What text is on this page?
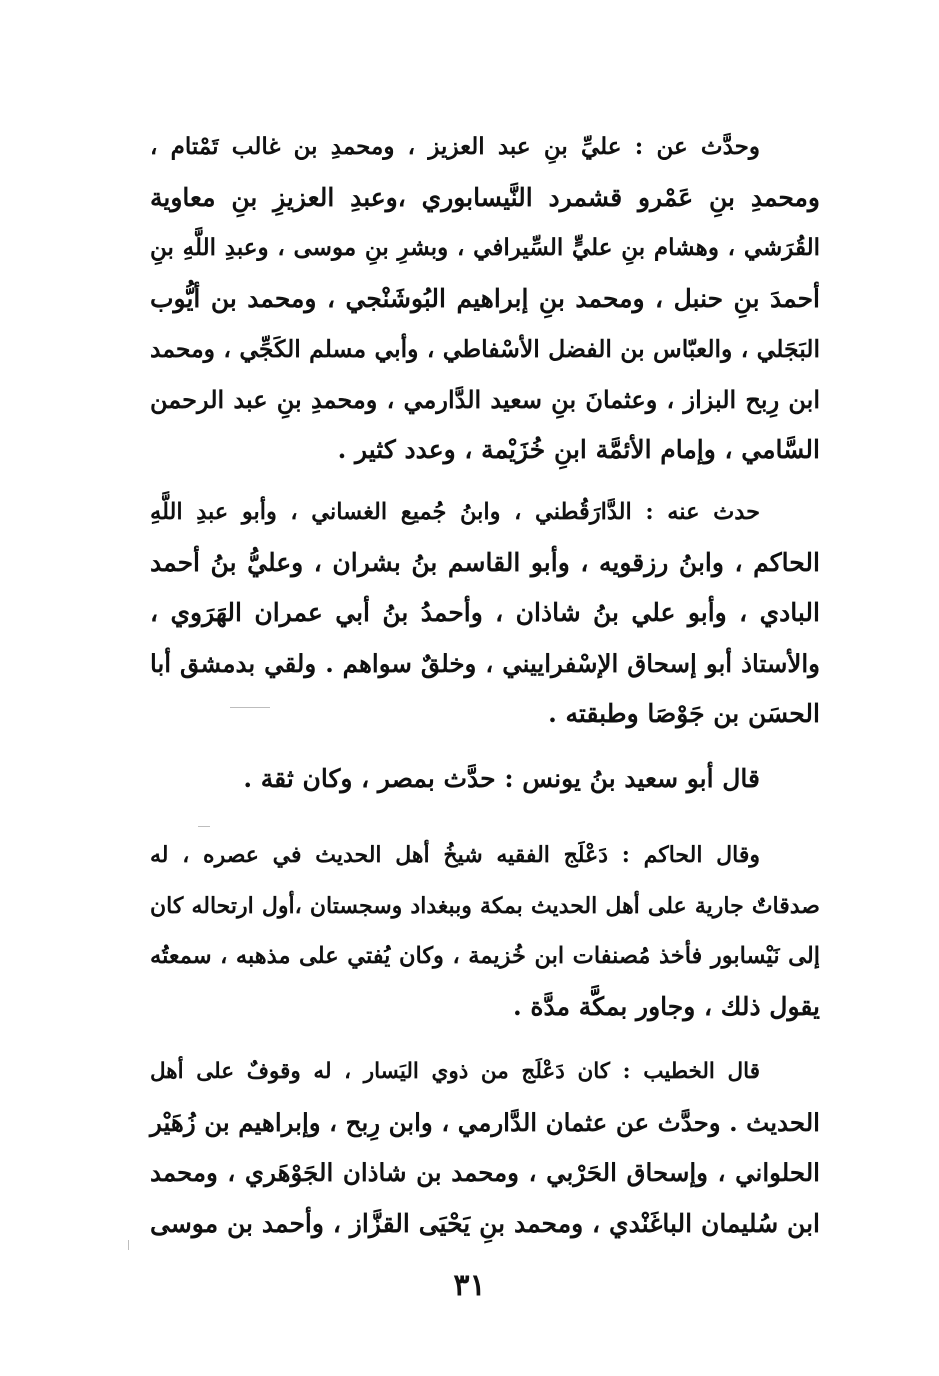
وحدَّث عن : عليِّ بنِ عبد العزيز ، ومحمدِ بن غالب تَمْتام ،
ومحمدِ بنِ عَمْرو قشمرد النَّيسابوري ،وعبدِ العزيزِ بنِ معاوية
القُرَشي ، وهشام بنِ عليٍّ السِّيرافي ، وبشرِ بنِ موسى ، وعبدِ اللَّهِ بنِ
أحمدَ بنِ حنبل ، ومحمد بنِ إبراهيم البُوشَنْجي ، ومحمد بن أيُّوب
البَجَلي ، والعبّاس بن الفضل الأسْفاطي ، وأبي مسلم الكَجِّي ، ومحمد
ابن رِبح البزاز ، وعثمانَ بنِ سعيد الدَّارمي ، ومحمدِ بنِ عبد الرحمن
السَّامي ، وإمام الأئمَّة ابنِ خُزَيْمة ، وعدد كثير .
حدث عنه : الدَّارَقُطني ، وابنُ جُميع الغساني ، وأبو عبدِ اللَّهِ
الحاكم ، وابنُ رزقويه ، وأبو القاسم بنُ بشران ، وعليُّ بنُ أحمد
البادي ، وأبو علي بنُ شاذان ، وأحمدُ بنُ أبي عمران الهَرَوي ،
والأستاذ أبو إسحاق الإسْفراييني ، وخلقٌ سواهم . ولقي بدمشق أبا
الحسَن بن جَوْصَا وطبقته .
قال أبو سعيد بنُ يونس : حدَّث بمصر ، وكان ثقة .
وقال الحاكم : دَعْلَج الفقيه شيخُ أهل الحديث في عصره ، له
صدقاتٌ جارية على أهل الحديث بمكة وببغداد وسجستان ،أول ارتحاله كان
إلى نَيْسابور فأخذ مُصنفات ابن خُزيمة ، وكان يُفتي على مذهبه ، سمعتُه
يقول ذلك ، وجاور بمكَّة مدَّة .
قال الخطيب : كان دَعْلَج من ذوي اليَسار ، له وقوفٌ على أهل
الحديث . وحدَّث عن عثمان الدَّارمي ، وابن رِبح ، وإبراهيم بن زُهَيْر
الحلواني ، وإسحاق الحَرْبي ، ومحمد بن شاذان الجَوْهَري ، ومحمد
ابن سُليمان الباغَنْدي ، ومحمد بنِ يَحْيَى القزَّاز ، وأحمد بن موسى
٣١
